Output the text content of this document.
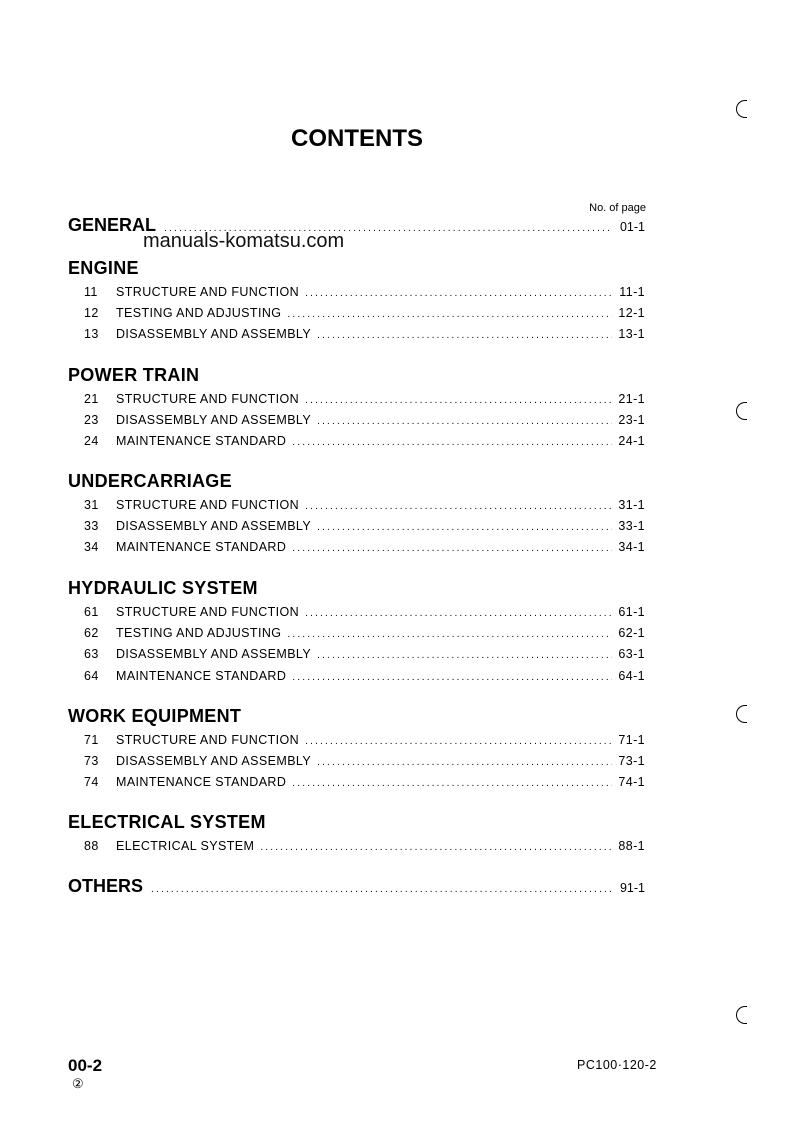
CONTENTS
No. of page
GENERAL .....	01-1
manuals-komatsu.com
ENGINE
11	STRUCTURE AND FUNCTION .....	11-1
12	TESTING AND ADJUSTING .....	12-1
13	DISASSEMBLY AND ASSEMBLY .....	13-1
POWER TRAIN
21	STRUCTURE AND FUNCTION .....	21-1
23	DISASSEMBLY AND ASSEMBLY .....	23-1
24	MAINTENANCE STANDARD .....	24-1
UNDERCARRIAGE
31	STRUCTURE AND FUNCTION .....	31-1
33	DISASSEMBLY AND ASSEMBLY .....	33-1
34	MAINTENANCE STANDARD .....	34-1
HYDRAULIC SYSTEM
61	STRUCTURE AND FUNCTION .....	61-1
62	TESTING AND ADJUSTING .....	62-1
63	DISASSEMBLY AND ASSEMBLY .....	63-1
64	MAINTENANCE STANDARD .....	64-1
WORK EQUIPMENT
71	STRUCTURE AND FUNCTION .....	71-1
73	DISASSEMBLY AND ASSEMBLY .....	73-1
74	MAINTENANCE STANDARD .....	74-1
ELECTRICAL SYSTEM
88	ELECTRICAL SYSTEM .....	88-1
OTHERS .....	91-1
00-2
②
PC100·120-2
